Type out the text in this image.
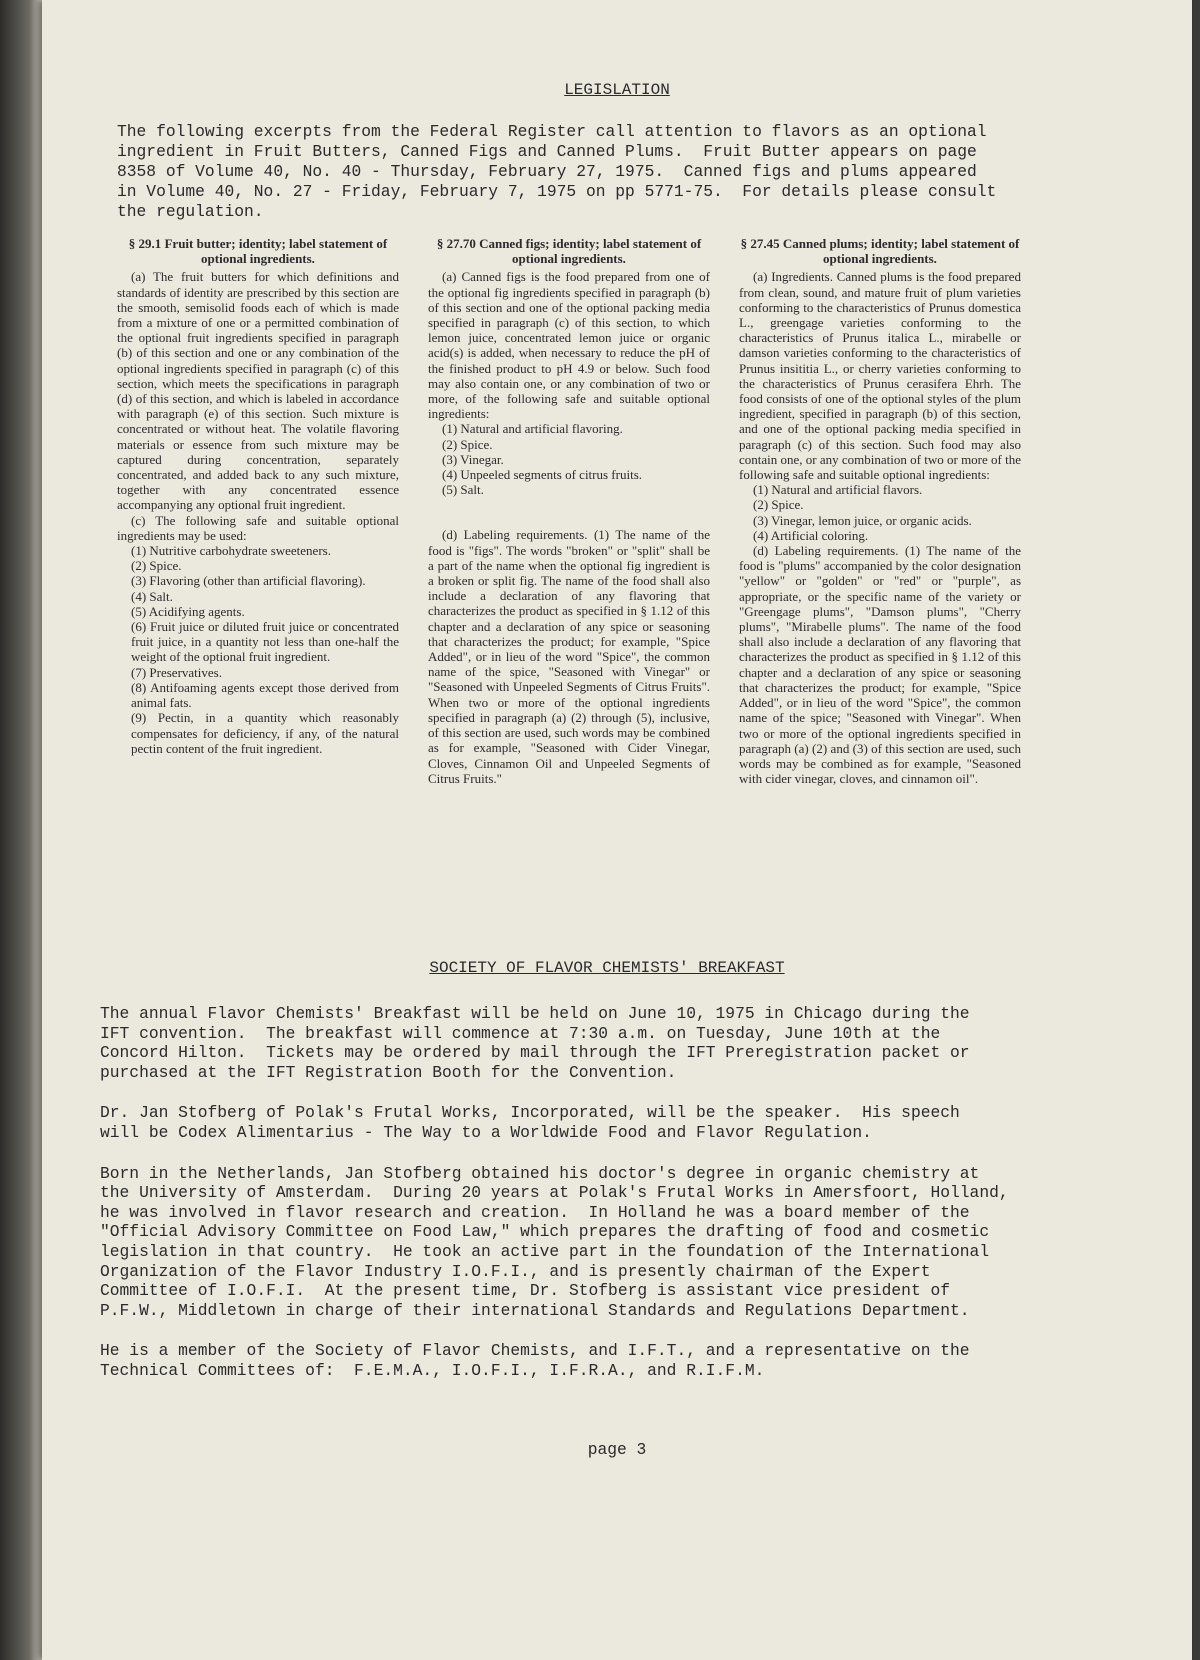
LEGISLATION
The following excerpts from the Federal Register call attention to flavors as an optional
ingredient in Fruit Butters, Canned Figs and Canned Plums.  Fruit Butter appears on page
8358 of Volume 40, No. 40 - Thursday, February 27, 1975.  Canned figs and plums appeared
in Volume 40, No. 27 - Friday, February 7, 1975 on pp 5771-75.  For details please consult
the regulation.
§ 29.1 Fruit butter; identity; label statement of optional ingredients.

(a) The fruit butters for which definitions and standards of identity are prescribed by this section are the smooth, semisolid foods each of which is made from a mixture of one or a permitted combination of the optional fruit ingredients specified in paragraph (b) of this section and one or any combination of the optional ingredients specified in paragraph (c) of this section, which meets the specifications in paragraph (d) of this section, and which is labeled in accordance with paragraph (e) of this section. Such mixture is concentrated or without heat. The volatile flavoring materials or essence from such mixture may be captured during concentration, separately concentrated, and added back to any such mixture, together with any concentrated essence accompanying any optional fruit ingredient.

(c) The following safe and suitable optional ingredients may be used:

(1) Nutritive carbohydrate sweeteners.

(2) Spice.

(3) Flavoring (other than artificial flavoring).

(4) Salt.

(5) Acidifying agents.

(6) Fruit juice or diluted fruit juice or concentrated fruit juice, in a quantity not less than one-half the weight of the optional fruit ingredient.

(7) Preservatives.

(8) Antifoaming agents except those derived from animal fats.

(9) Pectin, in a quantity which reasonably compensates for deficiency, if any, of the natural pectin content of the fruit ingredient.

§ 27.70 Canned figs; identity; label statement of optional ingredients.

(a) Canned figs is the food prepared from one of the optional fig ingredients specified in paragraph (b) of this section and one of the optional packing media specified in paragraph (c) of this section, to which lemon juice, concentrated lemon juice or organic acid(s) is added, when necessary to reduce the pH of the finished product to pH 4.9 or below. Such food may also contain one, or any combination of two or more, of the following safe and suitable optional ingredients:

(1) Natural and artificial flavoring.

(2) Spice.

(3) Vinegar.

(4) Unpeeled segments of citrus fruits.

(5) Salt.

(d) Labeling requirements. (1) The name of the food is "figs". The words "broken" or "split" shall be a part of the name when the optional fig ingredient is a broken or split fig. The name of the food shall also include a declaration of any flavoring that characterizes the product as specified in § 1.12 of this chapter and a declaration of any spice or seasoning that characterizes the product; for example, "Spice Added", or in lieu of the word "Spice", the common name of the spice, "Seasoned with Vinegar" or "Seasoned with Unpeeled Segments of Citrus Fruits". When two or more of the optional ingredients specified in paragraph (a) (2) through (5), inclusive, of this section are used, such words may be combined as for example, "Seasoned with Cider Vinegar, Cloves, Cinnamon Oil and Unpeeled Segments of Citrus Fruits."

§ 27.45 Canned plums; identity; label statement of optional ingredients.

(a) Ingredients. Canned plums is the food prepared from clean, sound, and mature fruit of plum varieties conforming to the characteristics of Prunus domestica L., greengage varieties conforming to the characteristics of Prunus italica L., mirabelle or damson varieties conforming to the characteristics of Prunus insititia L., or cherry varieties conforming to the characteristics of Prunus cerasifera Ehrh. The food consists of one of the optional styles of the plum ingredient, specified in paragraph (b) of this section, and one of the optional packing media specified in paragraph (c) of this section. Such food may also contain one, or any combination of two or more of the following safe and suitable optional ingredients:

(1) Natural and artificial flavors.

(2) Spice.

(3) Vinegar, lemon juice, or organic acids.

(4) Artificial coloring.

(d) Labeling requirements. (1) The name of the food is "plums" accompanied by the color designation "yellow" or "golden" or "red" or "purple", as appropriate, or the specific name of the variety or "Greengage plums", "Damson plums", "Cherry plums", "Mirabelle plums". The name of the food shall also include a declaration of any flavoring that characterizes the product as specified in § 1.12 of this chapter and a declaration of any spice or seasoning that characterizes the product; for example, "Spice Added", or in lieu of the word "Spice", the common name of the spice; "Seasoned with Vinegar". When two or more of the optional ingredients specified in paragraph (a) (2) and (3) of this section are used, such words may be combined as for example, "Seasoned with cider vinegar, cloves, and cinnamon oil".

SOCIETY OF FLAVOR CHEMISTS' BREAKFAST
The annual Flavor Chemists' Breakfast will be held on June 10, 1975 in Chicago during the
IFT convention.  The breakfast will commence at 7:30 a.m. on Tuesday, June 10th at the
Concord Hilton.  Tickets may be ordered by mail through the IFT Preregistration packet or
purchased at the IFT Registration Booth for the Convention.
Dr. Jan Stofberg of Polak's Frutal Works, Incorporated, will be the speaker.  His speech
will be Codex Alimentarius - The Way to a Worldwide Food and Flavor Regulation.
Born in the Netherlands, Jan Stofberg obtained his doctor's degree in organic chemistry at
the University of Amsterdam.  During 20 years at Polak's Frutal Works in Amersfoort, Holland,
he was involved in flavor research and creation.  In Holland he was a board member of the
"Official Advisory Committee on Food Law," which prepares the drafting of food and cosmetic
legislation in that country.  He took an active part in the foundation of the International
Organization of the Flavor Industry I.O.F.I., and is presently chairman of the Expert
Committee of I.O.F.I.  At the present time, Dr. Stofberg is assistant vice president of
P.F.W., Middletown in charge of their international Standards and Regulations Department.
He is a member of the Society of Flavor Chemists, and I.F.T., and a representative on the
Technical Committees of:  F.E.M.A., I.O.F.I., I.F.R.A., and R.I.F.M.
page 3
